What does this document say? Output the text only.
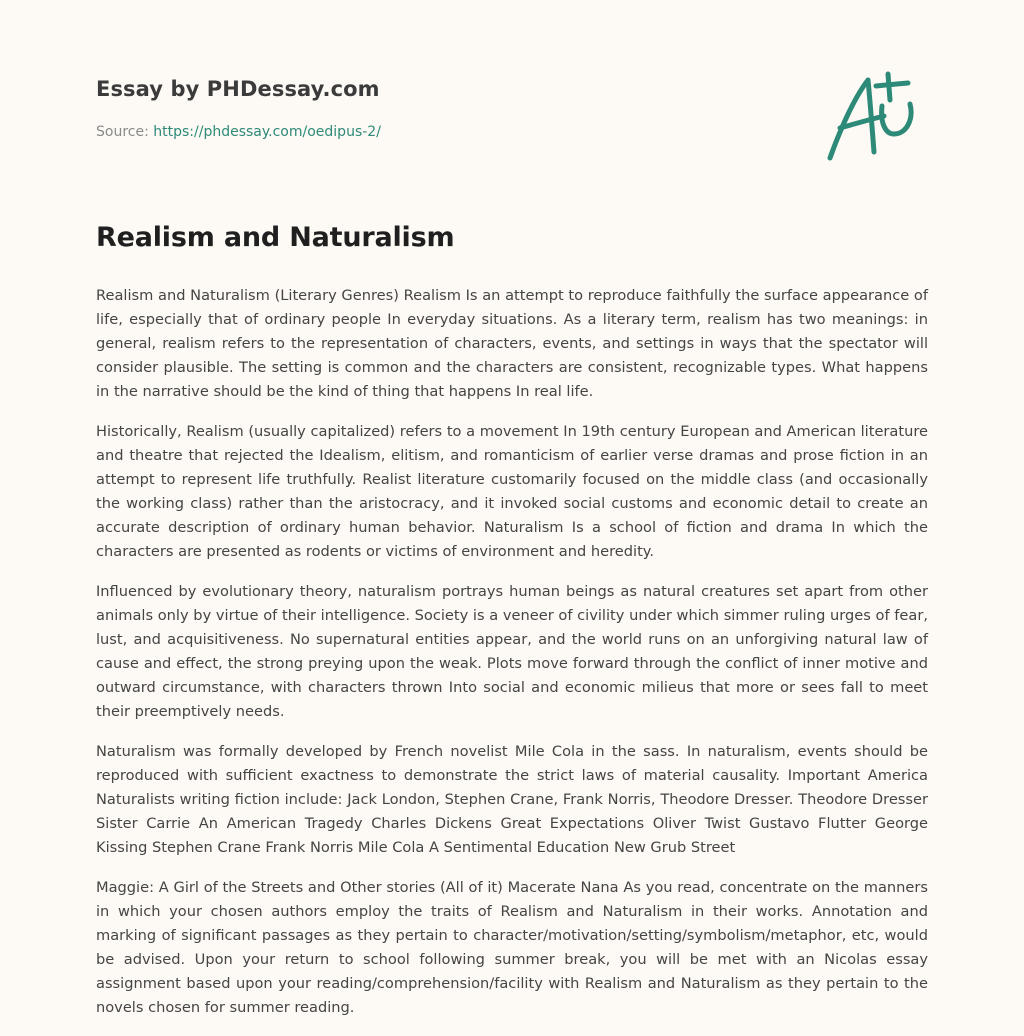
Essay by PHDessay.com
Source: https://phdessay.com/oedipus-2/
Realism and Naturalism

Realism and Naturalism (Literary Genres) Realism Is an attempt to reproduce faithfully the surface appearance of life, especially that of ordinary people In everyday situations. As a literary term, realism has two meanings: in general, realism refers to the representation of characters, events, and settings in ways that the spectator will consider plausible. The setting is common and the characters are consistent, recognizable types. What happens in the narrative should be the kind of thing that happens In real life.

Historically, Realism (usually capitalized) refers to a movement In 19th century European and American literature and theatre that rejected the Idealism, elitism, and romanticism of earlier verse dramas and prose fiction in an attempt to represent life truthfully. Realist literature customarily focused on the middle class (and occasionally the working class) rather than the aristocracy, and it invoked social customs and economic detail to create an accurate description of ordinary human behavior. Naturalism Is a school of fiction and drama In which the characters are presented as rodents or victims of environment and heredity.

Influenced by evolutionary theory, naturalism portrays human beings as natural creatures set apart from other animals only by virtue of their intelligence. Society is a veneer of civility under which simmer ruling urges of fear, lust, and acquisitiveness. No supernatural entities appear, and the world runs on an unforgiving natural law of cause and effect, the strong preying upon the weak. Plots move forward through the conflict of inner motive and outward circumstance, with characters thrown Into social and economic milieus that more or sees fall to meet their preemptively needs.

Naturalism was formally developed by French novelist Mile Cola in the sass. In naturalism, events should be reproduced with sufficient exactness to demonstrate the strict laws of material causality. Important America Naturalists writing fiction include: Jack London, Stephen Crane, Frank Norris, Theodore Dresser. Theodore Dresser Sister Carrie An American Tragedy Charles Dickens Great Expectations Oliver Twist Gustavo Flutter George Kissing Stephen Crane Frank Norris Mile Cola A Sentimental Education New Grub Street

Maggie: A Girl of the Streets and Other stories (All of it) Macerate Nana As you read, concentrate on the manners in which your chosen authors employ the traits of Realism and Naturalism in their works. Annotation and marking of significant passages as they pertain to character/motivation/setting/symbolism/metaphor, etc, would be advised. Upon your return to school following summer break, you will be met with an Nicolas essay assignment based upon your reading/comprehension/facility with Realism and Naturalism as they pertain to the novels chosen for summer reading.
